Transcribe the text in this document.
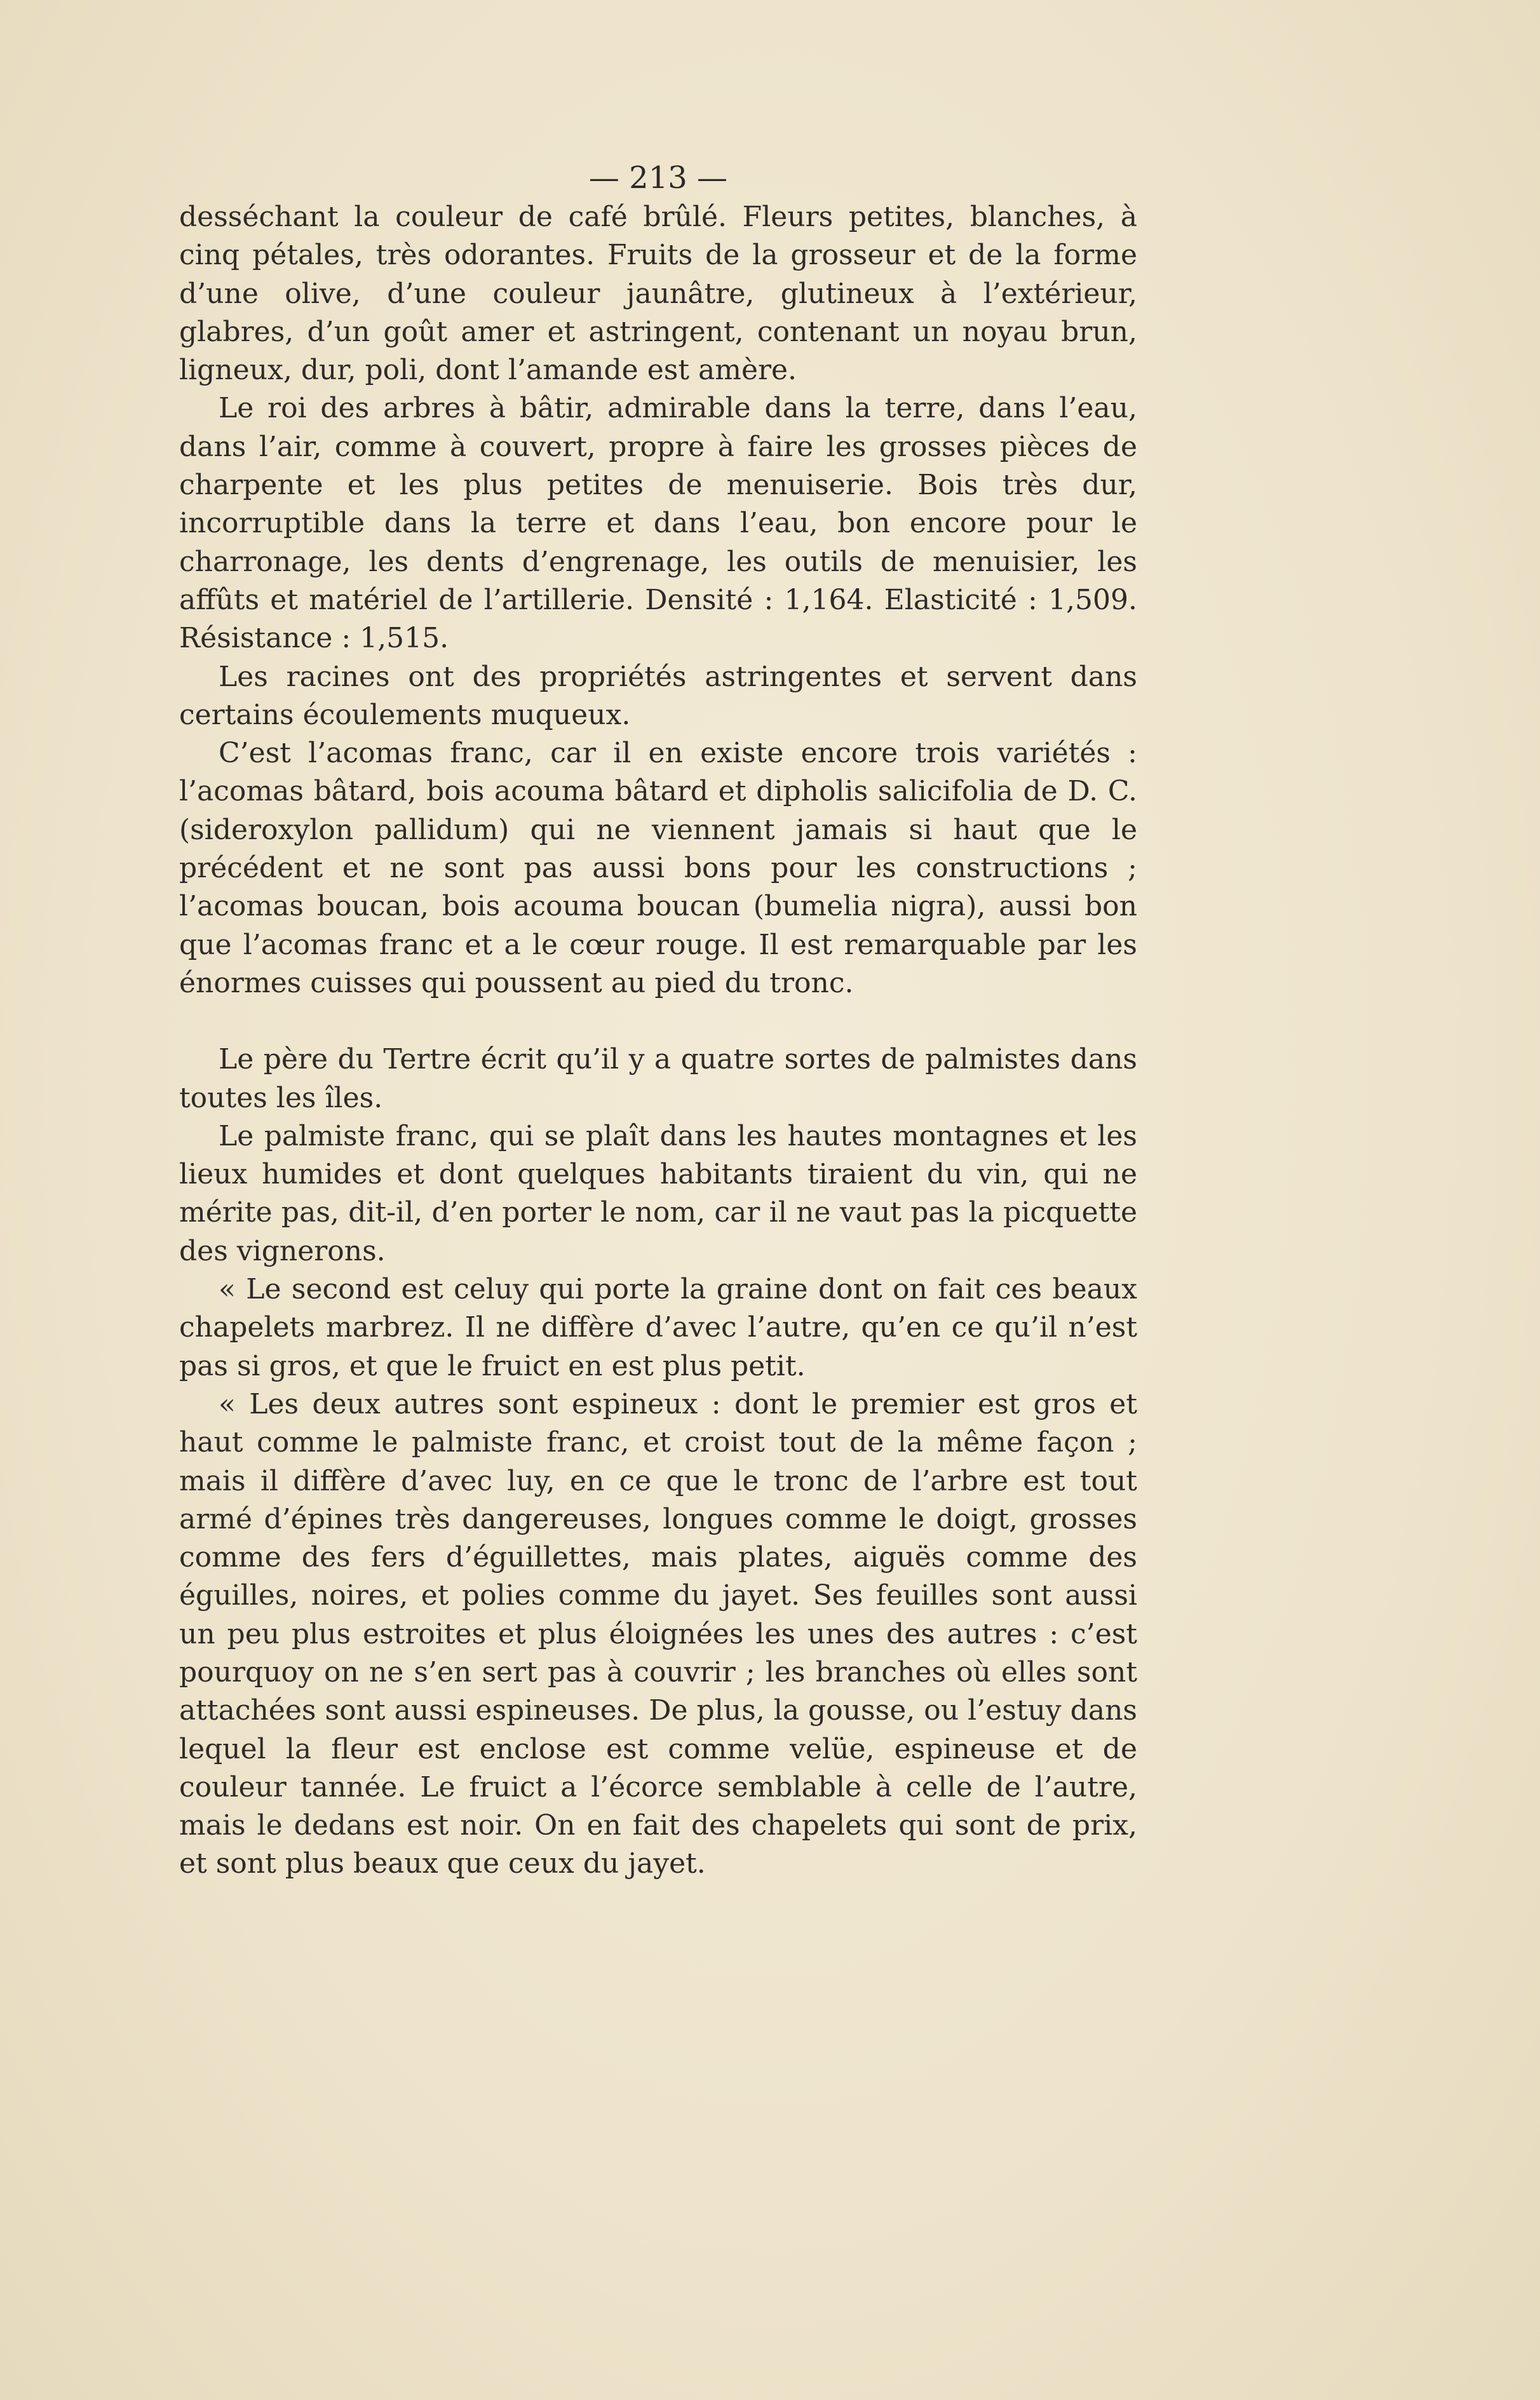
— 213 —

desséchant la couleur de café brûlé. Fleurs petites, blanches, à cinq pétales, très odorantes. Fruits de la grosseur et de la forme d’une olive, d’une couleur jaunâtre, glutineux à l’extérieur, glabres, d’un goût amer et astringent, contenant un noyau brun, ligneux, dur, poli, dont l’amande est amère.

Le roi des arbres à bâtir, admirable dans la terre, dans l’eau, dans l’air, comme à couvert, propre à faire les grosses pièces de charpente et les plus petites de menuiserie. Bois très dur, incorruptible dans la terre et dans l’eau, bon encore pour le charronage, les dents d’engrenage, les outils de menuisier, les affûts et matériel de l’artillerie. Densité : 1,164. Elasticité : 1,509. Résistance : 1,515.

Les racines ont des propriétés astringentes et servent dans certains écoulements muqueux.

C’est l’acomas franc, car il en existe encore trois variétés : l’acomas bâtard, bois acouma bâtard et dipholis salicifolia de D. C. (sideroxylon pallidum) qui ne viennent jamais si haut que le précédent et ne sont pas aussi bons pour les constructions ; l’acomas boucan, bois acouma boucan (bumelia nigra), aussi bon que l’acomas franc et a le cœur rouge. Il est remarquable par les énormes cuisses qui poussent au pied du tronc.

Le père du Tertre écrit qu’il y a quatre sortes de palmistes dans toutes les îles.

Le palmiste franc, qui se plaît dans les hautes montagnes et les lieux humides et dont quelques habitants tiraient du vin, qui ne mérite pas, dit-il, d’en porter le nom, car il ne vaut pas la picquette des vignerons.

« Le second est celuy qui porte la graine dont on fait ces beaux chapelets marbrez. Il ne diffère d’avec l’autre, qu’en ce qu’il n’est pas si gros, et que le fruict en est plus petit.

« Les deux autres sont espineux : dont le premier est gros et haut comme le palmiste franc, et croist tout de la même façon ; mais il diffère d’avec luy, en ce que le tronc de l’arbre est tout armé d’épines très dangereuses, longues comme le doigt, grosses comme des fers d’éguillettes, mais plates, aiguës comme des éguilles, noires, et polies comme du jayet. Ses feuilles sont aussi un peu plus estroites et plus éloignées les unes des autres : c’est pourquoy on ne s’en sert pas à couvrir ; les branches où elles sont attachées sont aussi espineuses. De plus, la gousse, ou l’estuy dans lequel la fleur est enclose est comme velüe, espineuse et de couleur tannée. Le fruict a l’écorce semblable à celle de l’autre, mais le dedans est noir. On en fait des chapelets qui sont de prix, et sont plus beaux que ceux du jayet.
